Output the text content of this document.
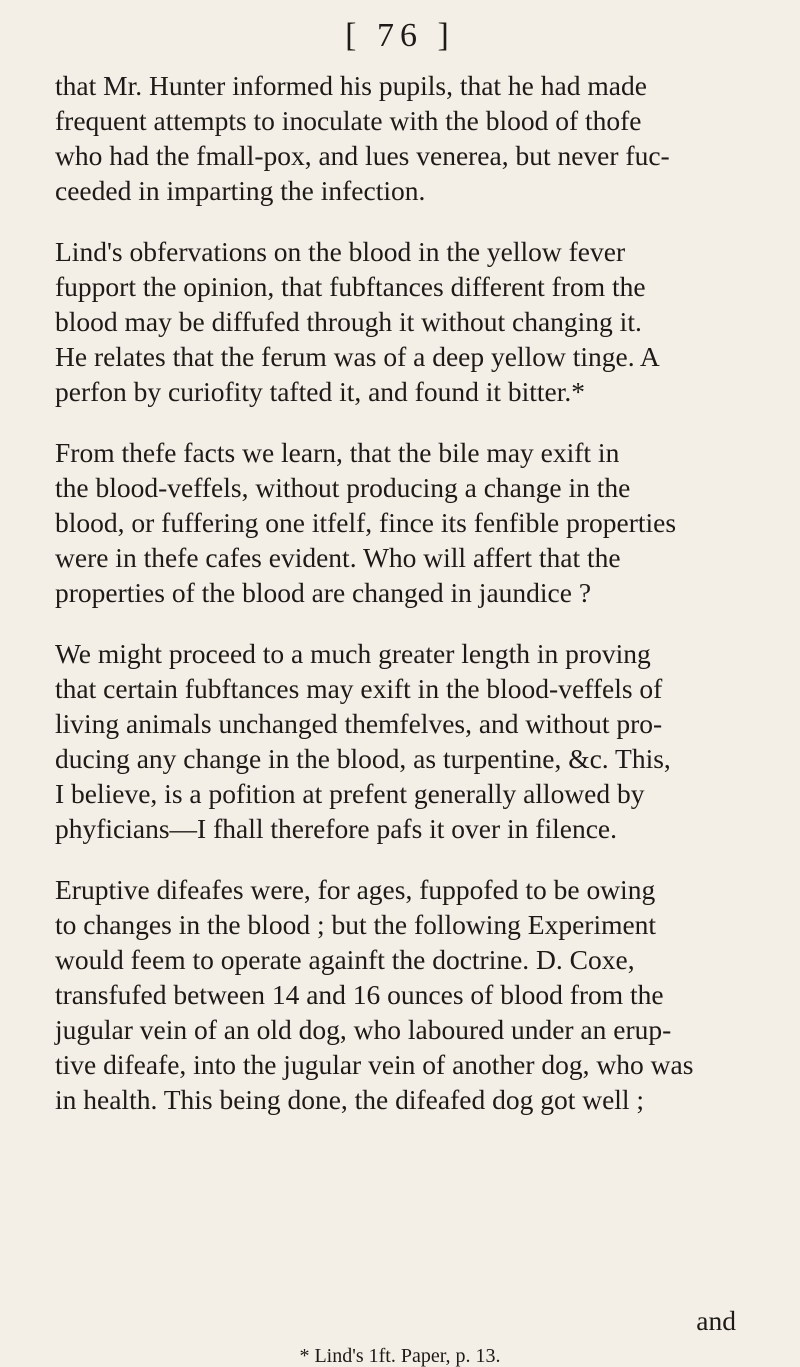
[ 76 ]

that Mr. Hunter informed his pupils, that he had made
frequent attempts to inoculate with the blood of thofe
who had the fmall-pox, and lues venerea, but never fuc-
ceeded in imparting the infection.

Lind's obfervations on the blood in the yellow fever
fupport the opinion, that fubftances different from the
blood may be diffufed through it without changing it.
He relates that the ferum was of a deep yellow tinge. A
perfon by curiofity tafted it, and found it bitter.*

From thefe facts we learn, that the bile may exift in
the blood-veffels, without producing a change in the
blood, or fuffering one itfelf, fince its fenfible properties
were in thefe cafes evident. Who will affert that the
properties of the blood are changed in jaundice ?

We might proceed to a much greater length in proving
that certain fubftances may exift in the blood-veffels of
living animals unchanged themfelves, and without pro-
ducing any change in the blood, as turpentine, &c. This,
I believe, is a pofition at prefent generally allowed by
phyficians—I fhall therefore pafs it over in filence.

Eruptive difeafes were, for ages, fuppofed to be owing
to changes in the blood ; but the following Experiment
would feem to operate againft the doctrine. D. Coxe,
transfufed between 14 and 16 ounces of blood from the
jugular vein of an old dog, who laboured under an erup-
tive difeafe, into the jugular vein of another dog, who was
in health. This being done, the difeafed dog got well ;

and
* Lind's 1ft. Paper, p. 13.
